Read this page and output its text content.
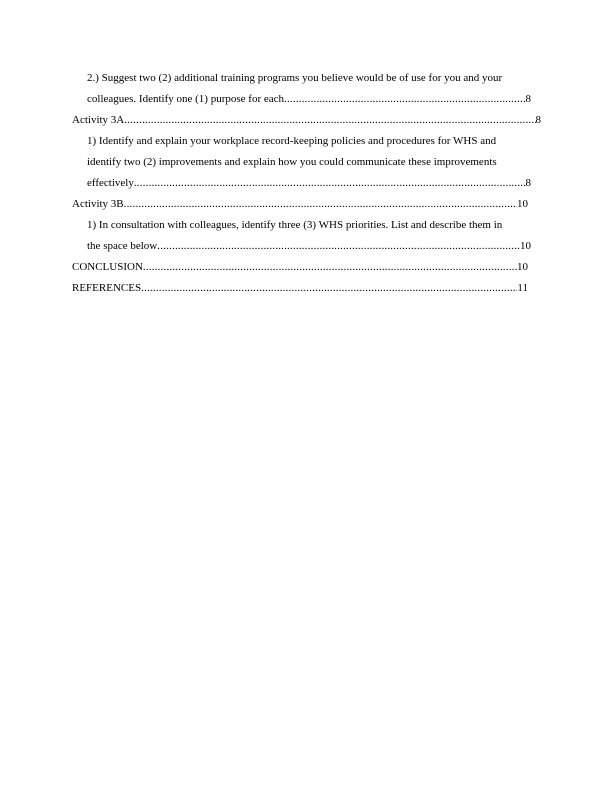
2.) Suggest two (2) additional training programs you believe would be of use for you and your
colleagues. Identify one (1) purpose for each .....	8
Activity 3A .....	8
1) Identify and explain your workplace record-keeping policies and procedures for WHS and
identify two (2) improvements and explain how you could communicate these improvements
effectively .....	8
Activity 3B .....	10
1) In consultation with colleagues, identify three (3) WHS priorities. List and describe them in
the space below .....	10
CONCLUSION .....	10
REFERENCES .....	11
